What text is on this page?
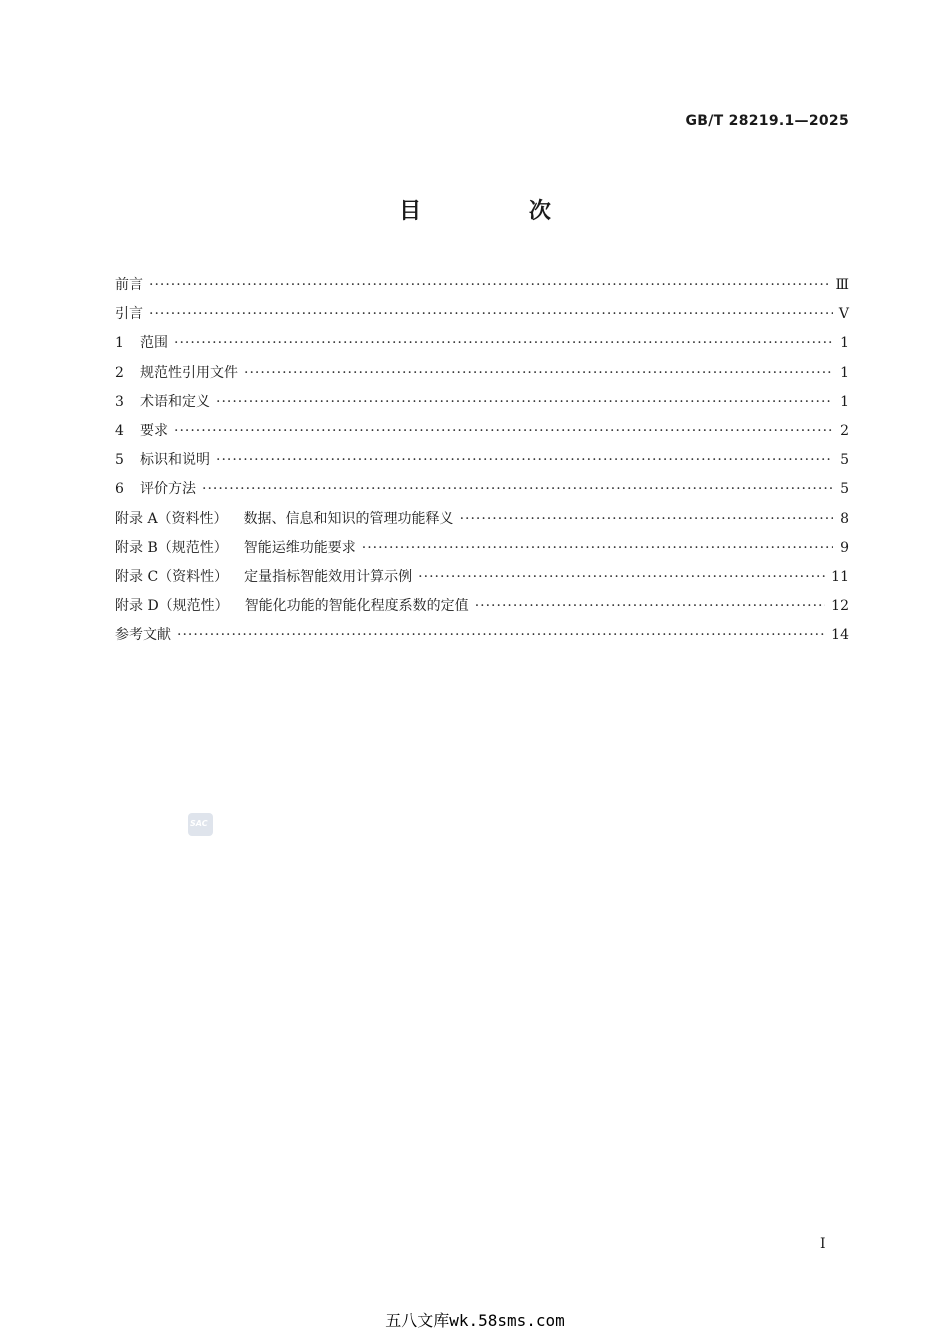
GB/T 28219.1—2025
目 次
前言 ·····	Ⅲ
引言 ·····	Ⅴ
1	范围 ·····	1
2	规范性引用文件 ·····	1
3	术语和定义 ·····	1
4	要求 ·····	2
5	标识和说明 ·····	5
6	评价方法 ·····	5
附录 A（资料性） 数据、信息和知识的管理功能释义 ·····	8
附录 B（规范性） 智能运维功能要求 ·····	9
附录 C（资料性） 定量指标智能效用计算示例 ·····	11
附录 D（规范性） 智能化功能的智能化程度系数的定值 ·····	12
参考文献 ·····	14
SAC
I
五八文库wk.58sms.com
